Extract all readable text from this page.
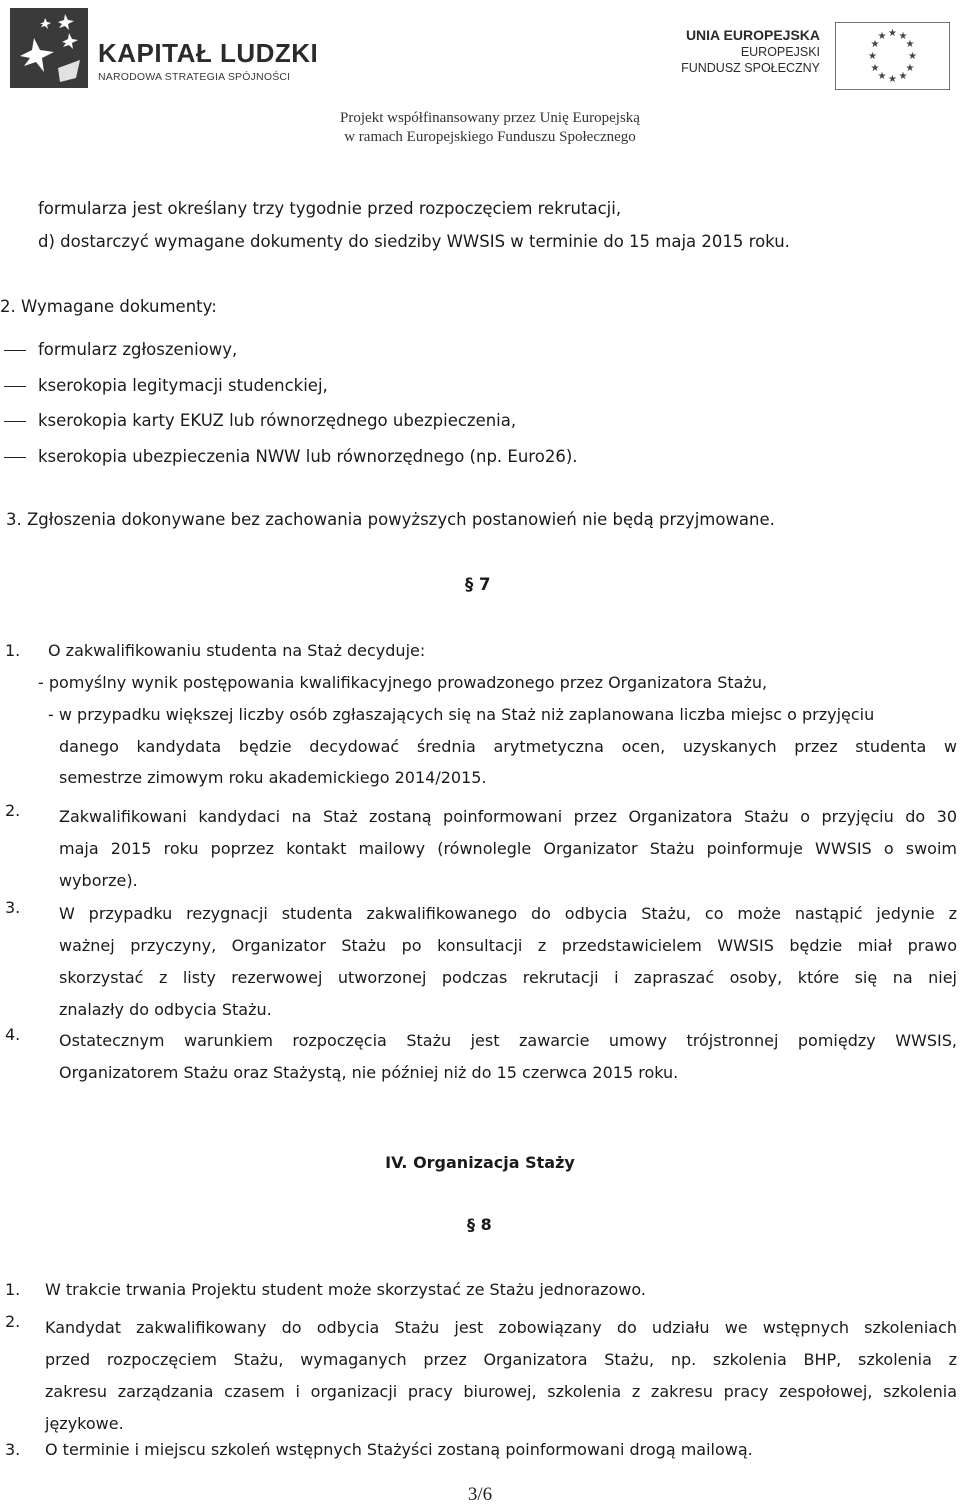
KAPITAŁ LUDZKI
NARODOWA STRATEGIA SPÓJNOŚCI
UNIA EUROPEJSKA
EUROPEJSKI
FUNDUSZ SPOŁECZNY
★ ★
★
★
★
★
★
★
★
★
★
★
Projekt współfinansowany przez Unię Europejską
w ramach Europejskiego Funduszu Społecznego
formularza jest określany trzy tygodnie przed rozpoczęciem rekrutacji,
d) dostarczyć wymagane dokumenty do siedziby WWSIS w terminie do 15 maja 2015 roku.
2. Wymagane dokumenty:
formularz zgłoszeniowy,
kserokopia legitymacji studenckiej,
kserokopia karty EKUZ lub równorzędnego ubezpieczenia,
kserokopia ubezpieczenia NWW lub równorzędnego (np. Euro26).
3. Zgłoszenia dokonywane bez zachowania powyższych postanowień nie będą przyjmowane.
§ 7
1. O zakwalifikowaniu studenta na Staż decyduje:
- pomyślny wynik postępowania kwalifikacyjnego prowadzonego przez Organizatora Stażu,
- w przypadku większej liczby osób zgłaszających się na Staż niż zaplanowana liczba miejsc o przyjęciu
danego kandydata będzie decydować średnia arytmetyczna ocen, uzyskanych przez studenta w
semestrze zimowym roku akademickiego 2014/2015.
2. Zakwalifikowani kandydaci na Staż zostaną poinformowani przez Organizatora Stażu o przyjęciu do 30
maja 2015 roku poprzez kontakt mailowy (równolegle Organizator Stażu poinformuje WWSIS o swoim
wyborze).
3. W przypadku rezygnacji studenta zakwalifikowanego do odbycia Stażu, co może nastąpić jedynie z
ważnej przyczyny, Organizator Stażu po konsultacji z przedstawicielem WWSIS będzie miał prawo
skorzystać z listy rezerwowej utworzonej podczas rekrutacji i zapraszać osoby, które się na niej
znalazły do odbycia Stażu.
4. Ostatecznym warunkiem rozpoczęcia Stażu jest zawarcie umowy trójstronnej pomiędzy WWSIS,
Organizatorem Stażu oraz Stażystą, nie później niż do 15 czerwca 2015 roku.
IV. Organizacja Staży
§ 8
1. W trakcie trwania Projektu student może skorzystać ze Stażu jednorazowo.
2. Kandydat zakwalifikowany do odbycia Stażu jest zobowiązany do udziału we wstępnych szkoleniach
przed rozpoczęciem Stażu, wymaganych przez Organizatora Stażu, np. szkolenia BHP, szkolenia z
zakresu zarządzania czasem i organizacji pracy biurowej, szkolenia z zakresu pracy zespołowej, szkolenia
językowe.
3. O terminie i miejscu szkoleń wstępnych Stażyści zostaną poinformowani drogą mailową.
3/6
